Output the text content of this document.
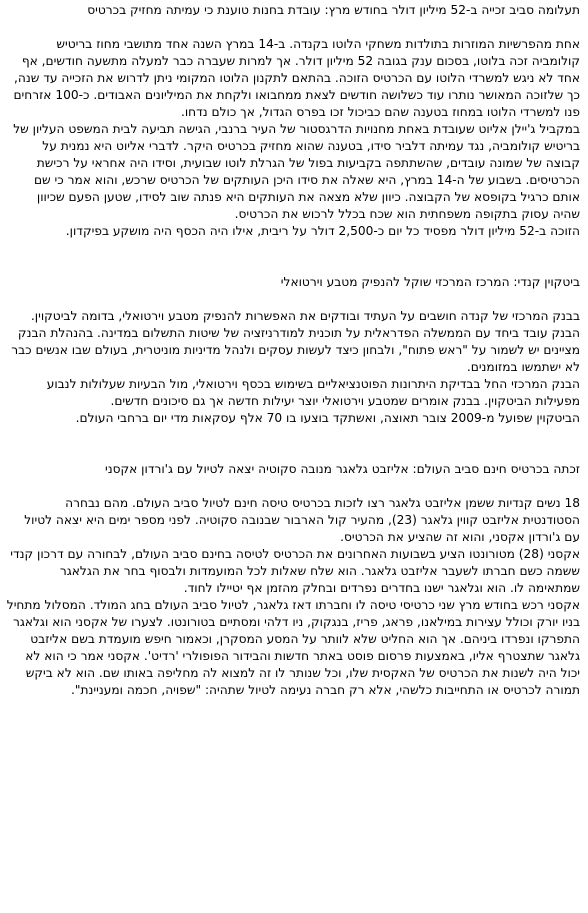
תעלומה סביב זכייה ב-52 מיליון דולר בחודש מרץ: עובדת בחנות טוענת כי עמיתה מחזיק בכרטיס

אחת מהפרשיות המוזרות בתולדות משחקי הלוטו בקנדה. ב-14 במרץ השנה אחד מתושבי מחוז בריטיש קולומביה זכה בלוטו, בסכום ענק בגובה 52 מיליון דולר. אך למרות שעברה כבר למעלה מתשעה חודשים, אף אחד לא ניגש למשרדי הלוטו עם הכרטיס הזוכה. בהתאם לתקנון הלוטו המקומי ניתן לדרוש את הזכייה עד שנה, כך שלזוכה המאושר נותרו עוד כשלושה חודשים לצאת ממחבואו ולקחת את המיליונים האבודים. כ-100 אזרחים פנו למשרדי הלוטו במחוז בטענה שהם כביכול זכו בפרס הגדול, אך כולם נדחו.

במקביל ג'יילן אליוט שעובדת באחת מחנויות הדרגסטור של העיר ברנבי, הגישה תביעה לבית המשפט העליון של בריטיש קולומביה, נגד עמיתה דלביר סידו, בטענה שהוא מחזיק בכרטיס היקר. לדברי אליוט היא נמנית על קבוצה של שמונה עובדים, שהשתתפה בקביעות בפול של הגרלת לוטו שבועית, וסידו היה אחראי על רכישת הכרטיסים. בשבוע של ה-14 במרץ, היא שאלה את סידו היכן העותקים של הכרטיס שרכש, והוא אמר כי שם אותם כרגיל בקופסא של הקבוצה. כיוון שלא מצאה את העותקים היא פנתה שוב לסידו, שטען הפעם שכיוון שהיה עסוק בתקופה משפחתית הוא שכח בכלל לרכוש את הכרטיס.

הזוכה ב-52 מיליון דולר מפסיד כל יום כ-2,500 דולר על ריבית, אילו היה הכסף היה מושקע בפיקדון.

ביטקוין קנדי: המרכז המרכזי שוקל להנפיק מטבע וירטואלי

בבנק המרכזי של קנדה חושבים על העתיד ובודקים את האפשרות להנפיק מטבע וירטואלי, בדומה לביטקוין. הבנק עובד ביחד עם הממשלה הפדראלית על תוכנית למודרניזציה של שיטות התשלום במדינה. בהנהלת הבנק מציינים יש לשמור על "ראש פתוח", ולבחון כיצד לעשות עסקים ולנהל מדיניות מוניטרית, בעולם שבו אנשים כבר לא ישתמשו במזומנים.

הבנק המרכזי החל בבדיקת היתרונות הפוטנציאליים בשימוש בכסף וירטואלי, מול הבעיות שעלולות לנבוע מפעילות הביטקוין. בבנק אומרים שמטבע וירטואלי יוצר יעילות חדשה אך גם סיכונים חדשים.

הביטקוין שפועל מ-2009 צובר תאוצה, ואשתקד בוצעו בו 70 אלף עסקאות מדי יום ברחבי העולם.

זכתה בכרטיס חינם סביב העולם: אליזבט גלאגר מנובה סקוטיה יצאה לטיול עם ג'ורדון אקסני

18 נשים קנדיות ששמן אליזבט גלאגר רצו לזכות בכרטיס טיסה חינם לטיול סביב העולם. מהם נבחרה הסטודנטית אליזבט קווין גלאגר (23), מהעיר קול הארבור שבנובה סקוטיה. לפני מספר ימים היא יצאה לטיול עם ג'ורדון אקסני, והוא זה שהציע את הכרטיס.

אקסני (28) מטורונטו הציע בשבועות האחרונים את הכרטיס לטיסה בחינם סביב העולם, לבחורה עם דרכון קנדי ששמה כשם חברתו לשעבר אליזבט גלאגר. הוא שלח שאלות לכל המועמדות ולבסוף בחר את הגלאגר שמתאימה לו. הוא וגלאגר ישנו בחדרים נפרדים ובחלק מהזמן אף יטיילו לחוד.

אקסני רכש בחודש מרץ שני כרטיסי טיסה לו וחברתו דאז גלאגר, לטיול סביב העולם בחג המולד. המסלול מתחיל בניו יורק וכולל עצירות במילאנו, פראג, פריז, בנגקוק, ניו דלהי ומסתיים בטורונטו. לצערו של אקסני הוא וגלאגר התפרקו ונפרדו ביניהם. אך הוא החליט שלא לוותר על המסע המסקרן, וכאמור חיפש מועמדת בשם אליזבט גלאגר שתצטרף אליו, באמצעות פרסום פוסט באתר חדשות והבידור הפופולרי 'רדיט'. אקסני אמר כי הוא לא יכול היה לשנות את הכרטיס של האקסית שלו, וכל שנותר לו זה למצוא לה מחליפה באותו שם. הוא לא ביקש תמורה לכרטיס או התחייבות כלשהי, אלא רק חברה נעימה לטיול שתהיה: "שפויה, חכמה ומעניינת".
